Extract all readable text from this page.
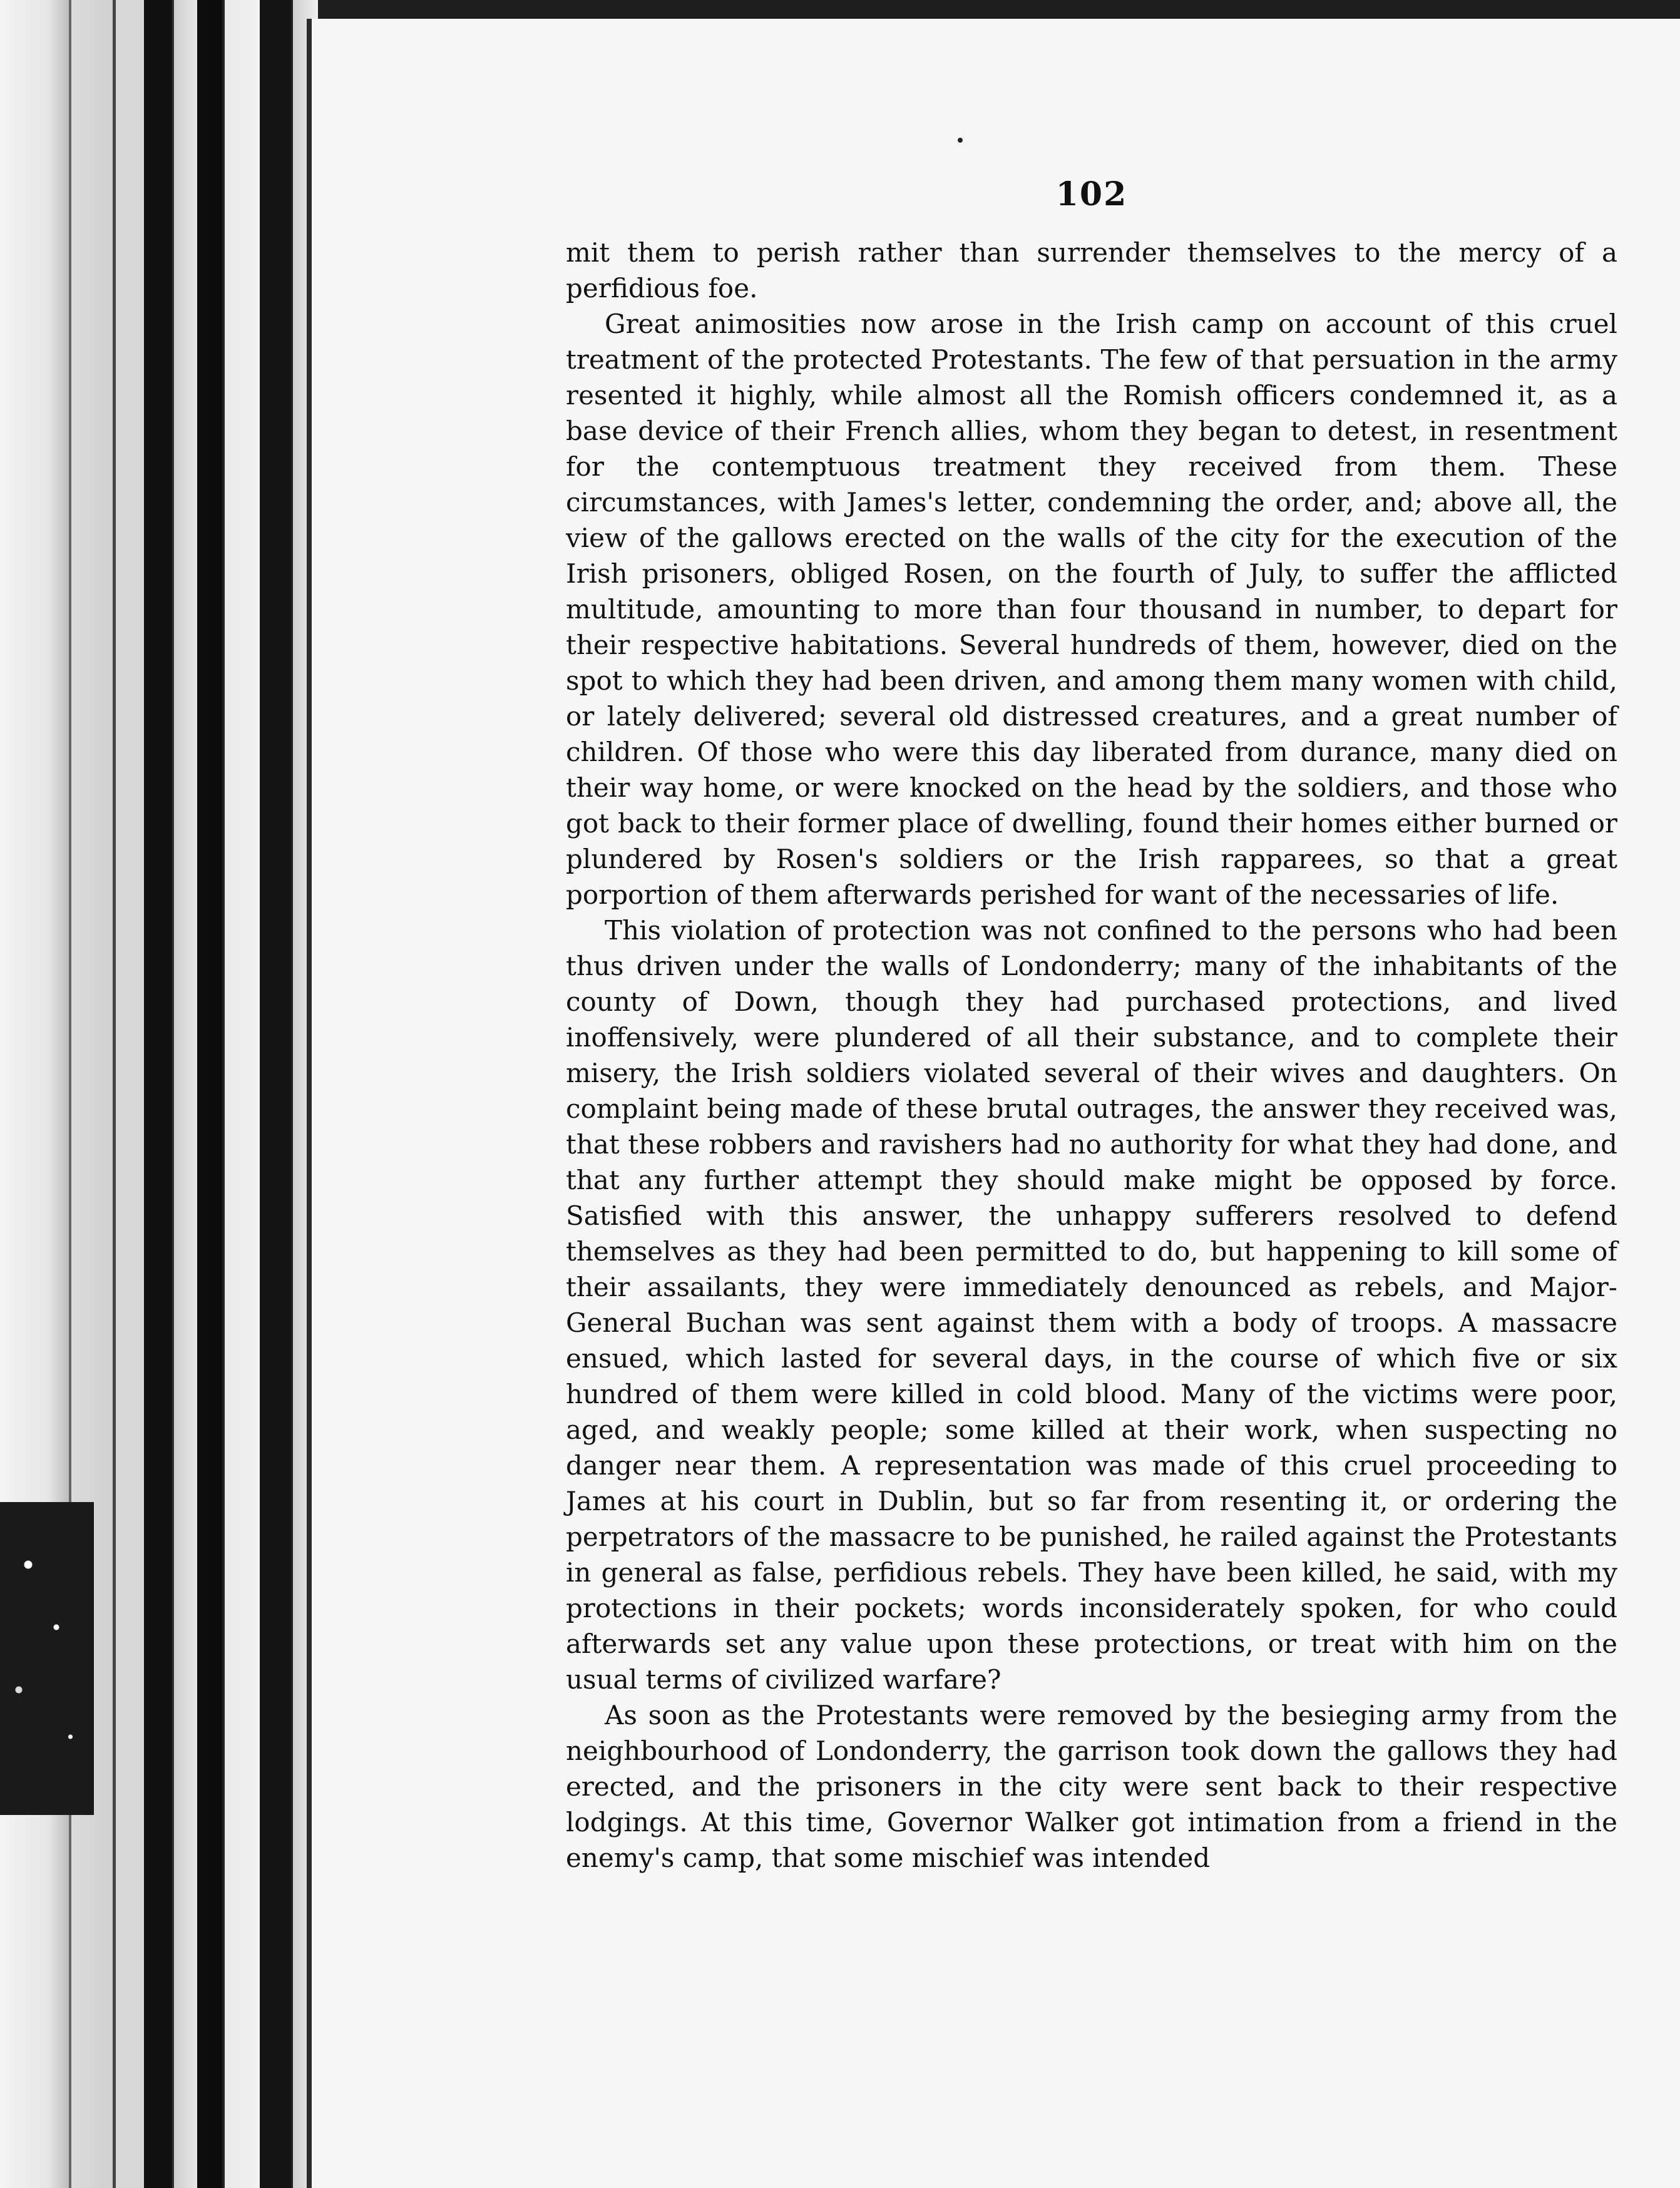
102

mit them to perish rather than surrender themselves to the mercy of a perfidious foe.

Great animosities now arose in the Irish camp on account of this cruel treatment of the protected Protestants. The few of that persuation in the army resented it highly, while almost all the Romish officers condemned it, as a base device of their French allies, whom they began to detest, in resentment for the contemptuous treatment they received from them. These circumstances, with James's letter, condemning the order, and; above all, the view of the gallows erected on the walls of the city for the execution of the Irish prisoners, obliged Rosen, on the fourth of July, to suffer the afflicted multitude, amounting to more than four thousand in number, to depart for their respective habitations. Several hundreds of them, however, died on the spot to which they had been driven, and among them many women with child, or lately delivered; several old distressed creatures, and a great number of children. Of those who were this day liberated from durance, many died on their way home, or were knocked on the head by the soldiers, and those who got back to their former place of dwelling, found their homes either burned or plundered by Rosen's soldiers or the Irish rapparees, so that a great porportion of them afterwards perished for want of the necessaries of life.

This violation of protection was not confined to the persons who had been thus driven under the walls of Londonderry; many of the inhabitants of the county of Down, though they had purchased protections, and lived inoffensively, were plundered of all their substance, and to complete their misery, the Irish soldiers violated several of their wives and daughters. On complaint being made of these brutal outrages, the answer they received was, that these robbers and ravishers had no authority for what they had done, and that any further attempt they should make might be opposed by force. Satisfied with this answer, the unhappy sufferers resolved to defend themselves as they had been permitted to do, but happening to kill some of their assailants, they were immediately denounced as rebels, and Major-General Buchan was sent against them with a body of troops. A massacre ensued, which lasted for several days, in the course of which five or six hundred of them were killed in cold blood. Many of the victims were poor, aged, and weakly people; some killed at their work, when suspecting no danger near them. A representation was made of this cruel proceeding to James at his court in Dublin, but so far from resenting it, or ordering the perpetrators of the massacre to be punished, he railed against the Protestants in general as false, perfidious rebels. They have been killed, he said, with my protections in their pockets; words inconsiderately spoken, for who could afterwards set any value upon these protections, or treat with him on the usual terms of civilized warfare?

As soon as the Protestants were removed by the besieging army from the neighbourhood of Londonderry, the garrison took down the gallows they had erected, and the prisoners in the city were sent back to their respective lodgings. At this time, Governor Walker got intimation from a friend in the enemy's camp, that some mischief was intended
